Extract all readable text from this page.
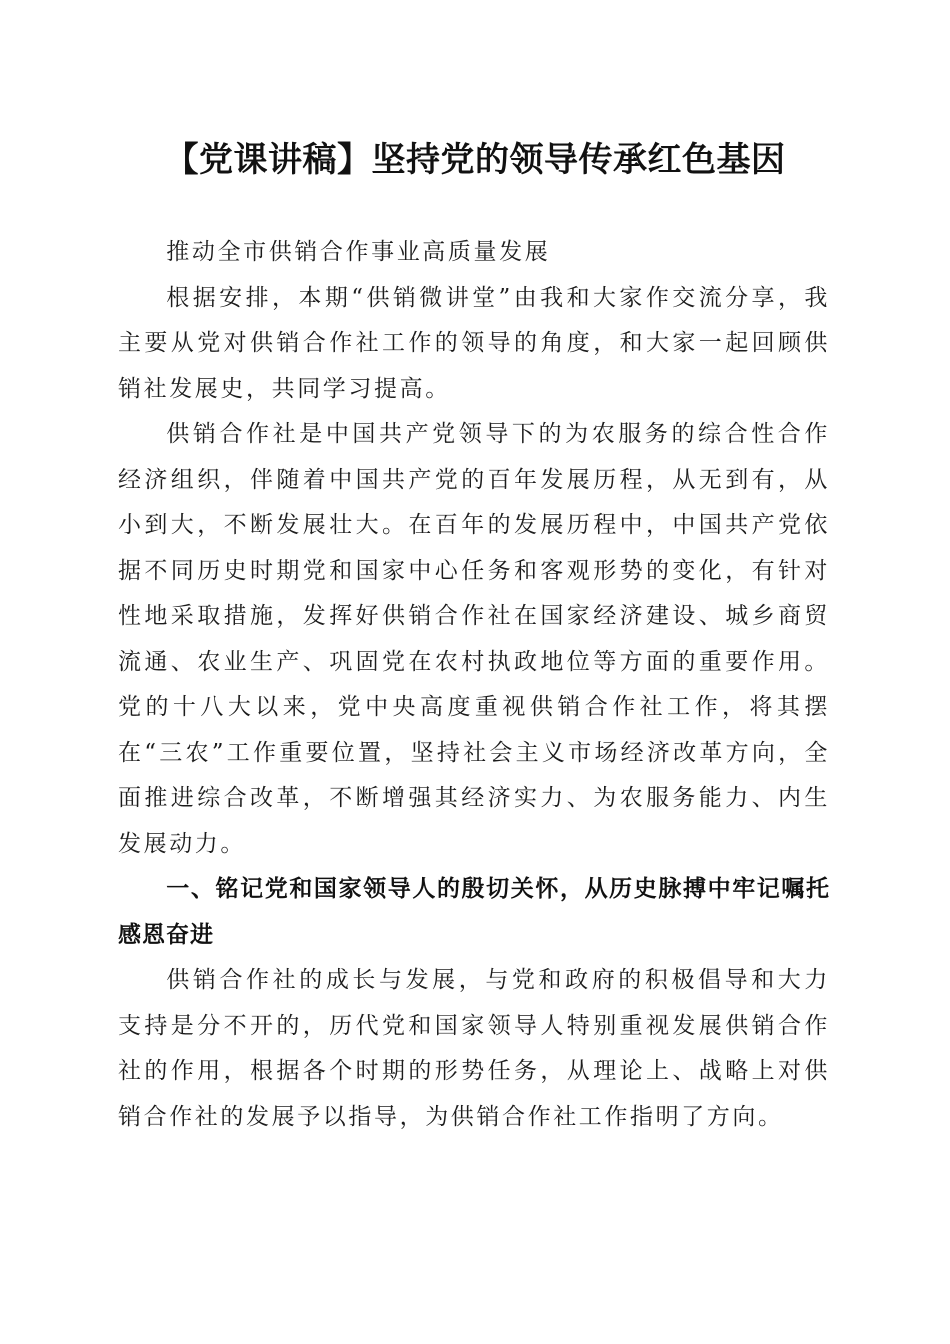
【党课讲稿】坚持党的领导传承红色基因

推动全市供销合作事业高质量发展

根据安排，本期“供销微讲堂”由我和大家作交流分享，我主要从党对供销合作社工作的领导的角度，和大家一起回顾供销社发展史，共同学习提高。

供销合作社是中国共产党领导下的为农服务的综合性合作经济组织，伴随着中国共产党的百年发展历程，从无到有，从小到大，不断发展壮大。在百年的发展历程中，中国共产党依据不同历史时期党和国家中心任务和客观形势的变化，有针对性地采取措施，发挥好供销合作社在国家经济建设、城乡商贸流通、农业生产、巩固党在农村执政地位等方面的重要作用。党的十八大以来，党中央高度重视供销合作社工作，将其摆在“三农”工作重要位置，坚持社会主义市场经济改革方向，全面推进综合改革，不断增强其经济实力、为农服务能力、内生发展动力。

一、铭记党和国家领导人的殷切关怀，从历史脉搏中牢记嘱托感恩奋进

供销合作社的成长与发展，与党和政府的积极倡导和大力支持是分不开的，历代党和国家领导人特别重视发展供销合作社的作用，根据各个时期的形势任务，从理论上、战略上对供销合作社的发展予以指导，为供销合作社工作指明了方向。
